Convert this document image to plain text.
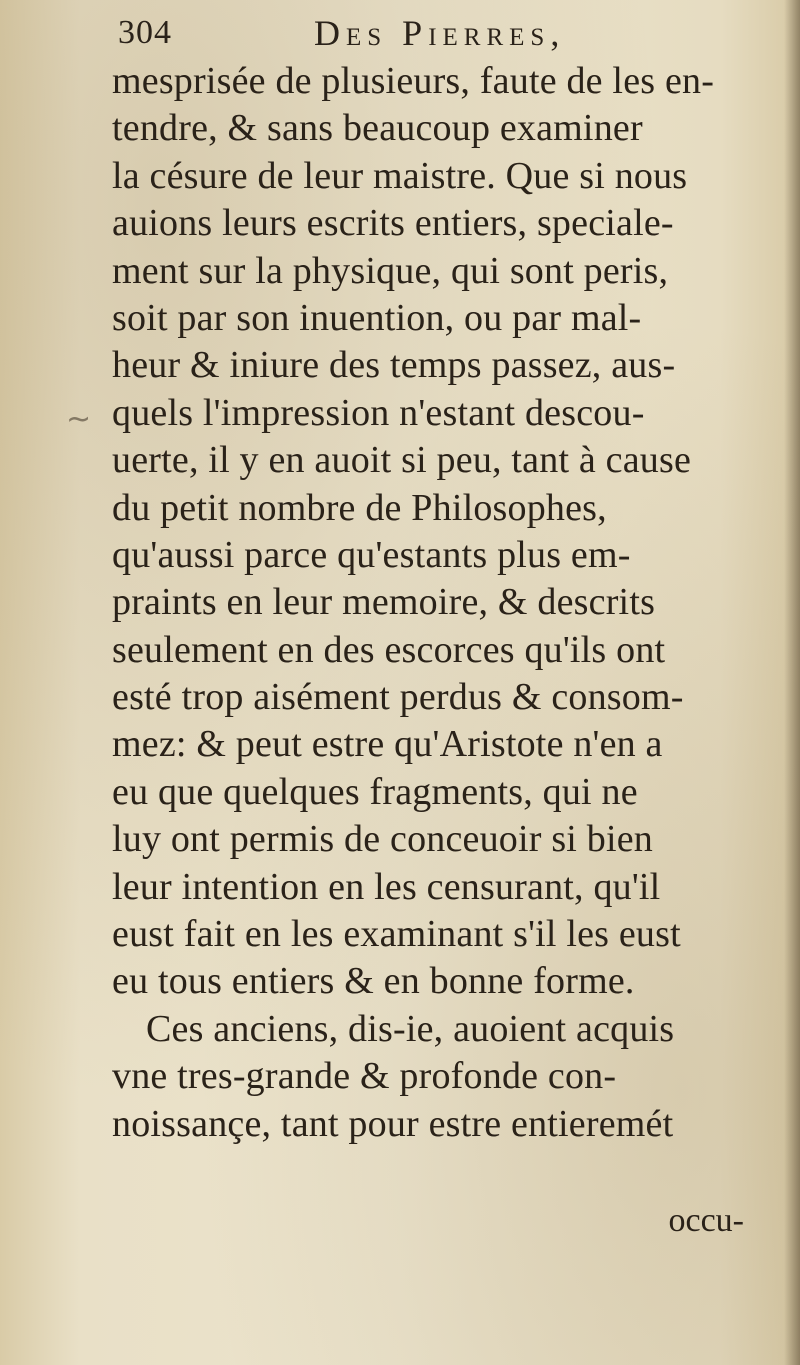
304	Des Pierres,
mesprisée de plusieurs, faute de les en-
tendre, & sans beaucoup examiner
la césure de leur maistre. Que si nous
auions leurs escrits entiers, speciale-
ment sur la physique, qui sont peris,
soit par son inuention, ou par mal-
heur & iniure des temps passez, aus-
quels l'impression n'estant descou-
uerte, il y en auoit si peu, tant à cause
du petit nombre de Philosophes,
qu'aussi parce qu'estants plus em-
praints en leur memoire, & descrits
seulement en des escorces qu'ils ont
esté trop aisément perdus & consom-
mez: & peut estre qu'Aristote n'en a
eu que quelques fragments, qui ne
luy ont permis de conceuoir si bien
leur intention en les censurant, qu'il
eust fait en les examinant s'il les eust
eu tous entiers & en bonne forme.
Ces anciens, dis-ie, auoient acquis
vne tres-grande & profonde con-
noissançe, tant pour estre entieremét
occu-
~
